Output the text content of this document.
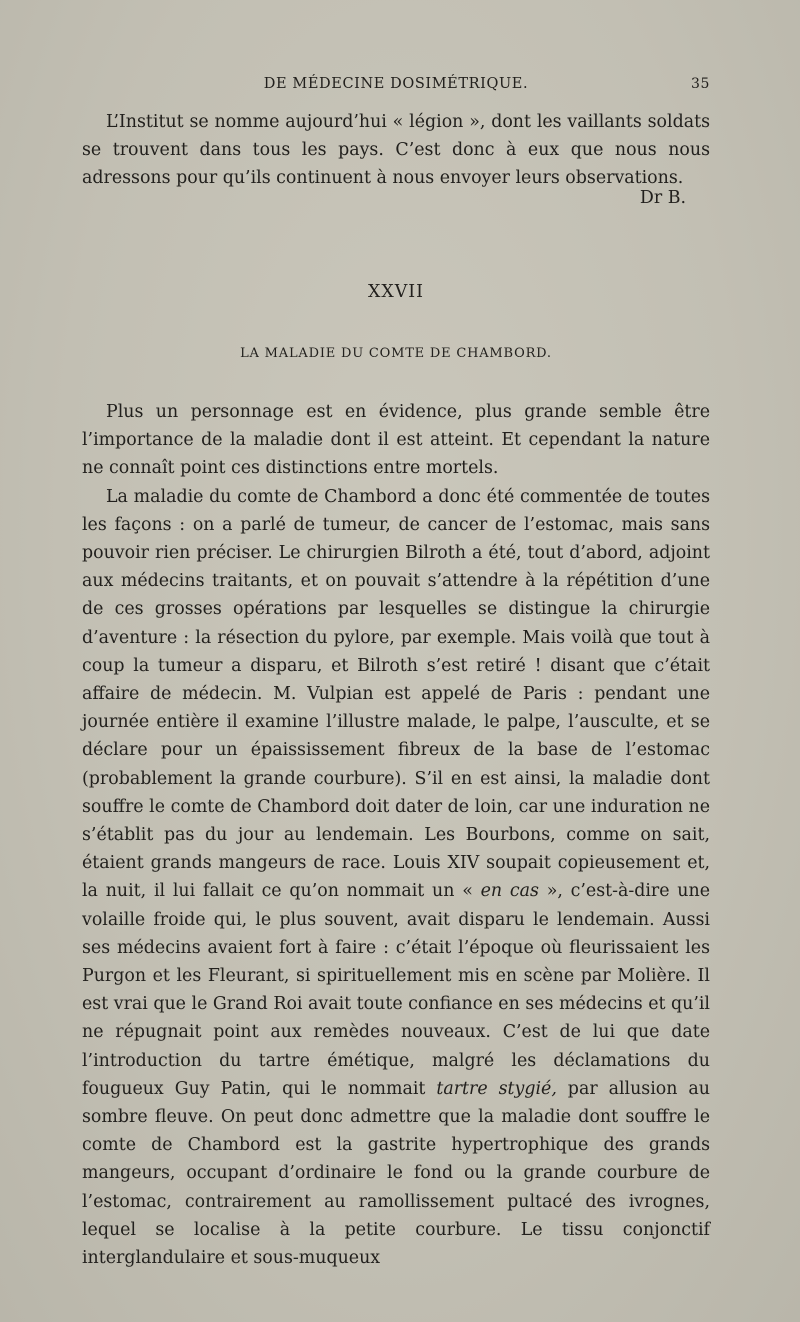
DE MÉDECINE DOSIMÉTRIQUE.	35

L’Institut se nomme aujourd’hui « légion », dont les vaillants soldats se trouvent dans tous les pays. C’est donc à eux que nous nous adressons pour qu’ils continuent à nous envoyer leurs observations.

Dr B.
XXVII
LA MALADIE DU COMTE DE CHAMBORD.

Plus un personnage est en évidence, plus grande semble être l’importance de la maladie dont il est atteint. Et cependant la nature ne connaît point ces distinctions entre mortels.

La maladie du comte de Chambord a donc été commentée de toutes les façons : on a parlé de tumeur, de cancer de l’estomac, mais sans pouvoir rien préciser. Le chirurgien Bilroth a été, tout d’abord, adjoint aux médecins traitants, et on pouvait s’attendre à la répétition d’une de ces grosses opérations par lesquelles se distingue la chirurgie d’aventure : la résection du pylore, par exemple. Mais voilà que tout à coup la tumeur a disparu, et Bilroth s’est retiré ! disant que c’était affaire de médecin. M. Vulpian est appelé de Paris : pendant une journée entière il examine l’illustre malade, le palpe, l’ausculte, et se déclare pour un épaississement fibreux de la base de l’estomac (probablement la grande courbure). S’il en est ainsi, la maladie dont souffre le comte de Chambord doit dater de loin, car une induration ne s’établit pas du jour au lendemain. Les Bourbons, comme on sait, étaient grands mangeurs de race. Louis XIV soupait copieusement et, la nuit, il lui fallait ce qu’on nommait un « en cas », c’est-à-dire une volaille froide qui, le plus souvent, avait disparu le lendemain. Aussi ses médecins avaient fort à faire : c’était l’époque où fleurissaient les Purgon et les Fleurant, si spirituellement mis en scène par Molière. Il est vrai que le Grand Roi avait toute confiance en ses médecins et qu’il ne répugnait point aux remèdes nouveaux. C’est de lui que date l’introduction du tartre émétique, malgré les déclamations du fougueux Guy Patin, qui le nommait tartre stygié, par allusion au sombre fleuve. On peut donc admettre que la maladie dont souffre le comte de Chambord est la gastrite hypertrophique des grands mangeurs, occupant d’ordinaire le fond ou la grande courbure de l’estomac, contrairement au ramollissement pultacé des ivrognes, lequel se localise à la petite courbure. Le tissu conjonctif interglandulaire et sous-muqueux
